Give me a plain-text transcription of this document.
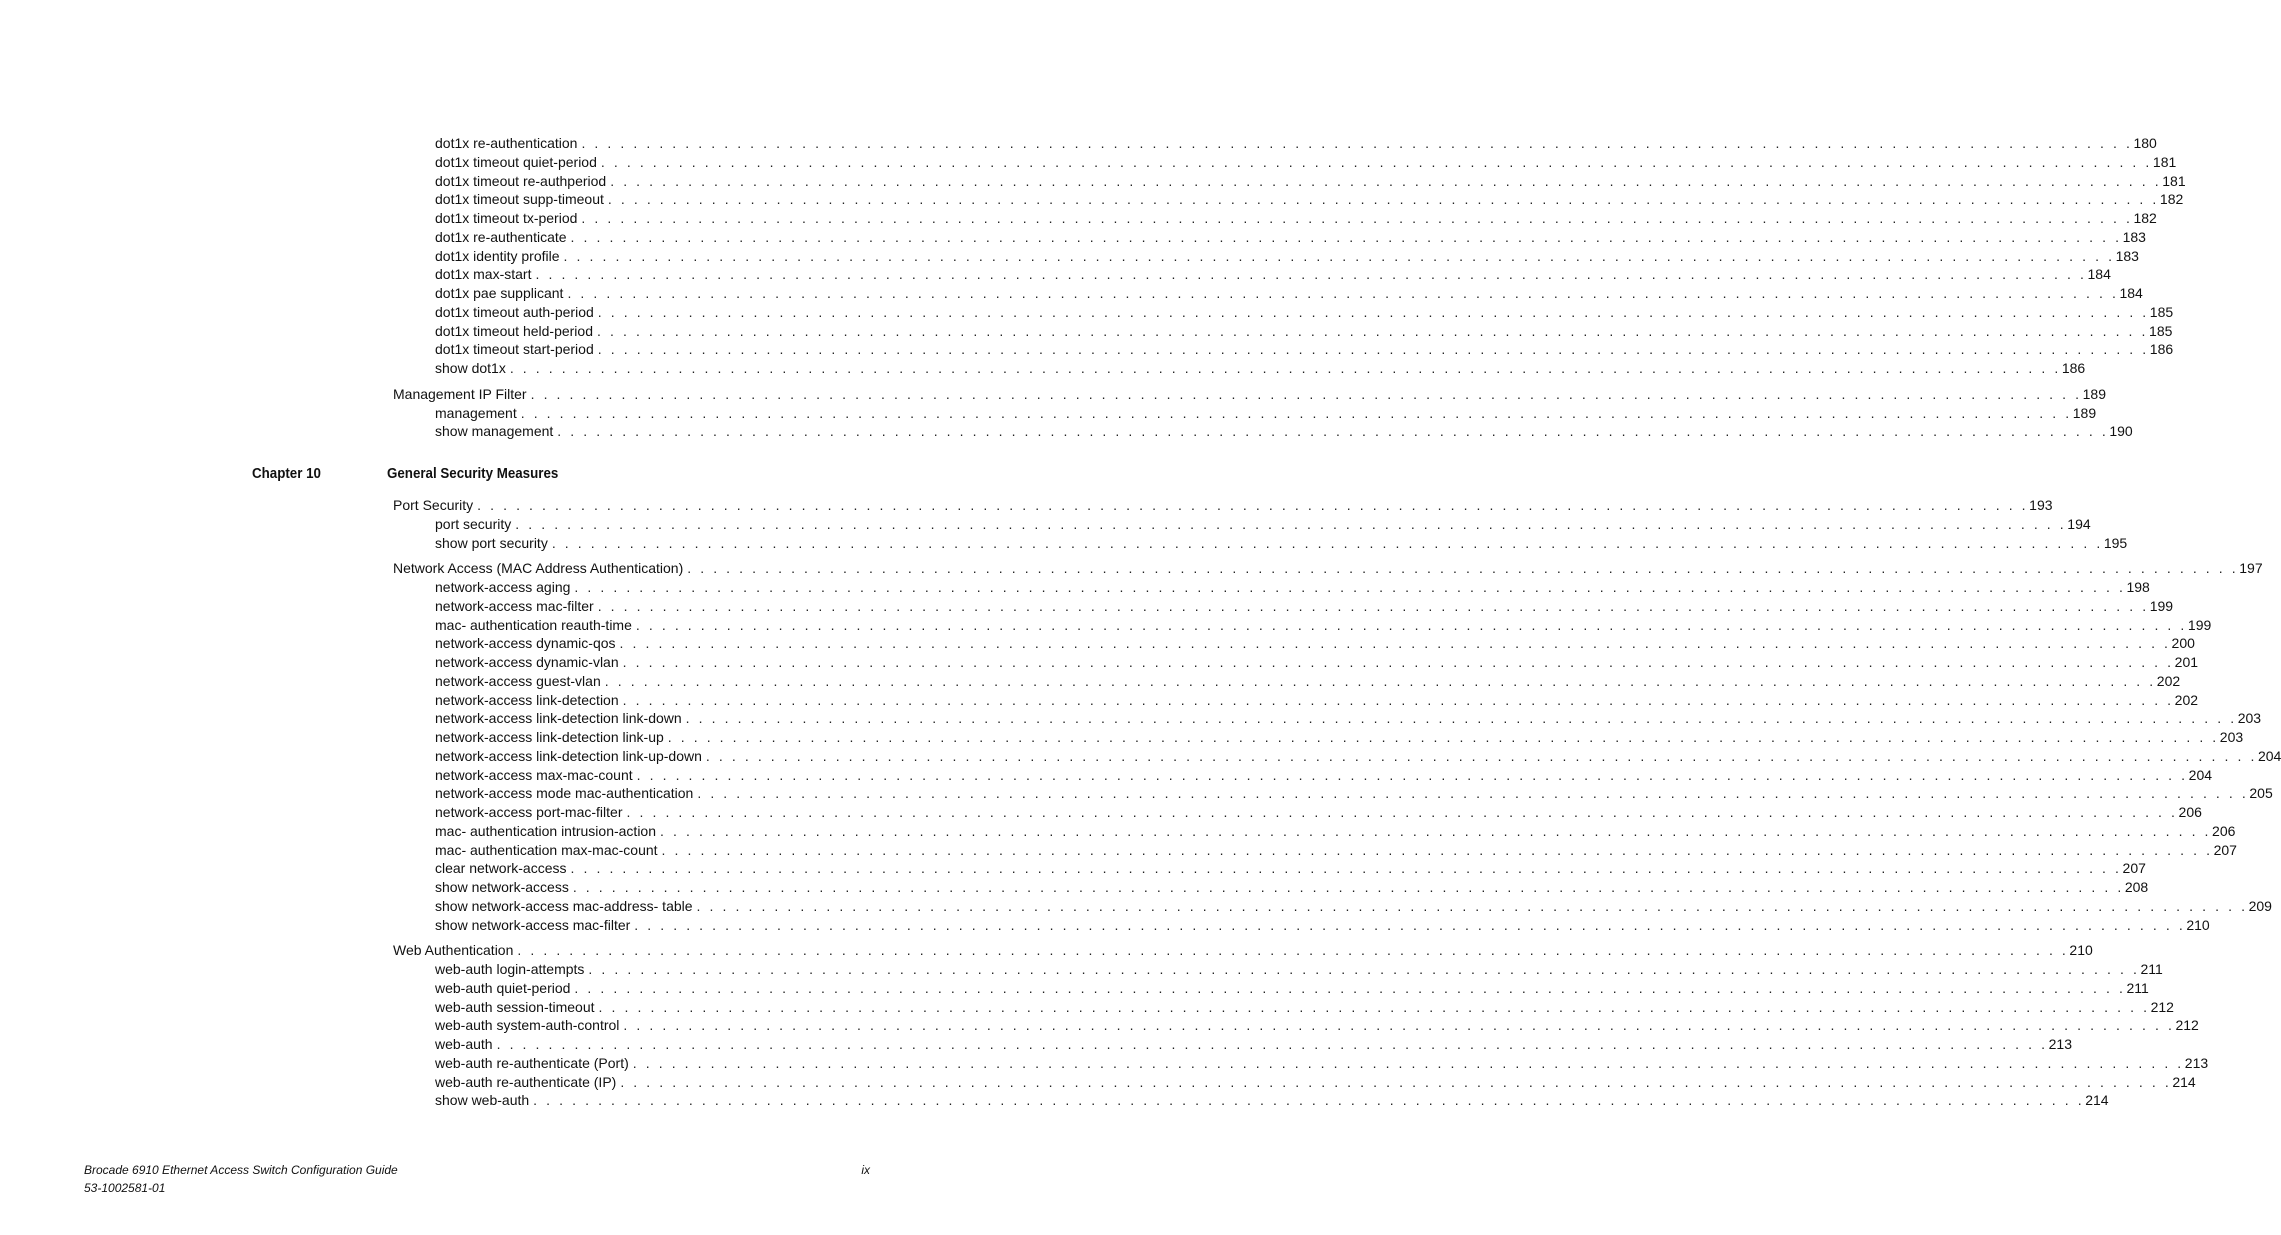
dot1x re-authentication . . . . . . . . . . . . . . . . . . . . . . . . . . . . . . . . . . . . . . . . . . . . . . . . . . . . . . . . . . . . . . . . . . . . . . . . . . . . . . . . . . . . . . . . . . . . . . . . . . . . . . . . . . . . . . . . . . . . . . . . 180
dot1x timeout quiet-period . . . . . . . . . . . . . . . . . . . . . . . . . . . . . . . . . . . . . . . . . . . . . . . . . . . . . . . . . . . . . . . . . . . . . . . . . . . . . . . . . . . . . . . . . . . . . . . . . . . . . . . . . . . . . . . . . . . . . . . . 181
dot1x timeout re-authperiod . . . . . . . . . . . . . . . . . . . . . . . . . . . . . . . . . . . . . . . . . . . . . . . . . . . . . . . . . . . . . . . . . . . . . . . . . . . . . . . . . . . . . . . . . . . . . . . . . . . . . . . . . . . . . . . . . . . . . . . . 181
dot1x timeout supp-timeout . . . . . . . . . . . . . . . . . . . . . . . . . . . . . . . . . . . . . . . . . . . . . . . . . . . . . . . . . . . . . . . . . . . . . . . . . . . . . . . . . . . . . . . . . . . . . . . . . . . . . . . . . . . . . . . . . . . . . . . . 182
dot1x timeout tx-period . . . . . . . . . . . . . . . . . . . . . . . . . . . . . . . . . . . . . . . . . . . . . . . . . . . . . . . . . . . . . . . . . . . . . . . . . . . . . . . . . . . . . . . . . . . . . . . . . . . . . . . . . . . . . . . . . . . . . . . . 182
dot1x re-authenticate . . . . . . . . . . . . . . . . . . . . . . . . . . . . . . . . . . . . . . . . . . . . . . . . . . . . . . . . . . . . . . . . . . . . . . . . . . . . . . . . . . . . . . . . . . . . . . . . . . . . . . . . . . . . . . . . . . . . . . . . 183
dot1x identity profile . . . . . . . . . . . . . . . . . . . . . . . . . . . . . . . . . . . . . . . . . . . . . . . . . . . . . . . . . . . . . . . . . . . . . . . . . . . . . . . . . . . . . . . . . . . . . . . . . . . . . . . . . . . . . . . . . . . . . . . . 183
dot1x max-start . . . . . . . . . . . . . . . . . . . . . . . . . . . . . . . . . . . . . . . . . . . . . . . . . . . . . . . . . . . . . . . . . . . . . . . . . . . . . . . . . . . . . . . . . . . . . . . . . . . . . . . . . . . . . . . . . . . . . . . . 184
dot1x pae supplicant . . . . . . . . . . . . . . . . . . . . . . . . . . . . . . . . . . . . . . . . . . . . . . . . . . . . . . . . . . . . . . . . . . . . . . . . . . . . . . . . . . . . . . . . . . . . . . . . . . . . . . . . . . . . . . . . . . . . . . . . 184
dot1x timeout auth-period . . . . . . . . . . . . . . . . . . . . . . . . . . . . . . . . . . . . . . . . . . . . . . . . . . . . . . . . . . . . . . . . . . . . . . . . . . . . . . . . . . . . . . . . . . . . . . . . . . . . . . . . . . . . . . . . . . . . . . . . 185
dot1x timeout held-period . . . . . . . . . . . . . . . . . . . . . . . . . . . . . . . . . . . . . . . . . . . . . . . . . . . . . . . . . . . . . . . . . . . . . . . . . . . . . . . . . . . . . . . . . . . . . . . . . . . . . . . . . . . . . . . . . . . . . . . . 185
dot1x timeout start-period . . . . . . . . . . . . . . . . . . . . . . . . . . . . . . . . . . . . . . . . . . . . . . . . . . . . . . . . . . . . . . . . . . . . . . . . . . . . . . . . . . . . . . . . . . . . . . . . . . . . . . . . . . . . . . . . . . . . . . . . 186
show dot1x . . . . . . . . . . . . . . . . . . . . . . . . . . . . . . . . . . . . . . . . . . . . . . . . . . . . . . . . . . . . . . . . . . . . . . . . . . . . . . . . . . . . . . . . . . . . . . . . . . . . . . . . . . . . . . . . . . . . . . . . 186
Management IP Filter . . . . . . . . . . . . . . . . . . . . . . . . . . . . . . . . . . . . . . . . . . . . . . . . . . . . . . . . . . . . . . . . . . . . . . . . . . . . . . . . . . . . . . . . . . . . . . . . . . . . . . . . . . . . . . . . . . . . . . . . 189
management . . . . . . . . . . . . . . . . . . . . . . . . . . . . . . . . . . . . . . . . . . . . . . . . . . . . . . . . . . . . . . . . . . . . . . . . . . . . . . . . . . . . . . . . . . . . . . . . . . . . . . . . . . . . . . . . . . . . . . . . 189
show management . . . . . . . . . . . . . . . . . . . . . . . . . . . . . . . . . . . . . . . . . . . . . . . . . . . . . . . . . . . . . . . . . . . . . . . . . . . . . . . . . . . . . . . . . . . . . . . . . . . . . . . . . . . . . . . . . . . . . . . . 190
Port Security . . . . . . . . . . . . . . . . . . . . . . . . . . . . . . . . . . . . . . . . . . . . . . . . . . . . . . . . . . . . . . . . . . . . . . . . . . . . . . . . . . . . . . . . . . . . . . . . . . . . . . . . . . . . . . . . . . . . . . . . 193
port security . . . . . . . . . . . . . . . . . . . . . . . . . . . . . . . . . . . . . . . . . . . . . . . . . . . . . . . . . . . . . . . . . . . . . . . . . . . . . . . . . . . . . . . . . . . . . . . . . . . . . . . . . . . . . . . . . . . . . . . . 194
show port security . . . . . . . . . . . . . . . . . . . . . . . . . . . . . . . . . . . . . . . . . . . . . . . . . . . . . . . . . . . . . . . . . . . . . . . . . . . . . . . . . . . . . . . . . . . . . . . . . . . . . . . . . . . . . . . . . . . . . . . . 195
Network Access (MAC Address Authentication) . . . . . . . . . . . . . . . . . . . . . . . . . . . . . . . . . . . . . . . . . . . . . . . . . . . . . . . . . . . . . . . . . . . . . . . . . . . . . . . . . . . . . . . . . . . . . . . . . . . . . . . . . . . . . . . . . . . . . . . . 197
network-access aging . . . . . . . . . . . . . . . . . . . . . . . . . . . . . . . . . . . . . . . . . . . . . . . . . . . . . . . . . . . . . . . . . . . . . . . . . . . . . . . . . . . . . . . . . . . . . . . . . . . . . . . . . . . . . . . . . . . . . . . . 198
network-access mac-filter . . . . . . . . . . . . . . . . . . . . . . . . . . . . . . . . . . . . . . . . . . . . . . . . . . . . . . . . . . . . . . . . . . . . . . . . . . . . . . . . . . . . . . . . . . . . . . . . . . . . . . . . . . . . . . . . . . . . . . . . 199
mac- authentication reauth-time . . . . . . . . . . . . . . . . . . . . . . . . . . . . . . . . . . . . . . . . . . . . . . . . . . . . . . . . . . . . . . . . . . . . . . . . . . . . . . . . . . . . . . . . . . . . . . . . . . . . . . . . . . . . . . . . . . . . . . . . 199
network-access dynamic-qos . . . . . . . . . . . . . . . . . . . . . . . . . . . . . . . . . . . . . . . . . . . . . . . . . . . . . . . . . . . . . . . . . . . . . . . . . . . . . . . . . . . . . . . . . . . . . . . . . . . . . . . . . . . . . . . . . . . . . . . . 200
network-access dynamic-vlan . . . . . . . . . . . . . . . . . . . . . . . . . . . . . . . . . . . . . . . . . . . . . . . . . . . . . . . . . . . . . . . . . . . . . . . . . . . . . . . . . . . . . . . . . . . . . . . . . . . . . . . . . . . . . . . . . . . . . . . . 201
network-access guest-vlan . . . . . . . . . . . . . . . . . . . . . . . . . . . . . . . . . . . . . . . . . . . . . . . . . . . . . . . . . . . . . . . . . . . . . . . . . . . . . . . . . . . . . . . . . . . . . . . . . . . . . . . . . . . . . . . . . . . . . . . . 202
network-access link-detection . . . . . . . . . . . . . . . . . . . . . . . . . . . . . . . . . . . . . . . . . . . . . . . . . . . . . . . . . . . . . . . . . . . . . . . . . . . . . . . . . . . . . . . . . . . . . . . . . . . . . . . . . . . . . . . . . . . . . . . . 202
network-access link-detection link-down . . . . . . . . . . . . . . . . . . . . . . . . . . . . . . . . . . . . . . . . . . . . . . . . . . . . . . . . . . . . . . . . . . . . . . . . . . . . . . . . . . . . . . . . . . . . . . . . . . . . . . . . . . . . . . . . . . . . . . . . 203
network-access link-detection link-up . . . . . . . . . . . . . . . . . . . . . . . . . . . . . . . . . . . . . . . . . . . . . . . . . . . . . . . . . . . . . . . . . . . . . . . . . . . . . . . . . . . . . . . . . . . . . . . . . . . . . . . . . . . . . . . . . . . . . . . . 203
network-access link-detection link-up-down . . . . . . . . . . . . . . . . . . . . . . . . . . . . . . . . . . . . . . . . . . . . . . . . . . . . . . . . . . . . . . . . . . . . . . . . . . . . . . . . . . . . . . . . . . . . . . . . . . . . . . . . . . . . . . . . . . . . . . . . 204
network-access max-mac-count . . . . . . . . . . . . . . . . . . . . . . . . . . . . . . . . . . . . . . . . . . . . . . . . . . . . . . . . . . . . . . . . . . . . . . . . . . . . . . . . . . . . . . . . . . . . . . . . . . . . . . . . . . . . . . . . . . . . . . . . 204
network-access mode mac-authentication . . . . . . . . . . . . . . . . . . . . . . . . . . . . . . . . . . . . . . . . . . . . . . . . . . . . . . . . . . . . . . . . . . . . . . . . . . . . . . . . . . . . . . . . . . . . . . . . . . . . . . . . . . . . . . . . . . . . . . . . 205
network-access port-mac-filter . . . . . . . . . . . . . . . . . . . . . . . . . . . . . . . . . . . . . . . . . . . . . . . . . . . . . . . . . . . . . . . . . . . . . . . . . . . . . . . . . . . . . . . . . . . . . . . . . . . . . . . . . . . . . . . . . . . . . . . . 206
mac- authentication intrusion-action . . . . . . . . . . . . . . . . . . . . . . . . . . . . . . . . . . . . . . . . . . . . . . . . . . . . . . . . . . . . . . . . . . . . . . . . . . . . . . . . . . . . . . . . . . . . . . . . . . . . . . . . . . . . . . . . . . . . . . . . 206
mac- authentication max-mac-count . . . . . . . . . . . . . . . . . . . . . . . . . . . . . . . . . . . . . . . . . . . . . . . . . . . . . . . . . . . . . . . . . . . . . . . . . . . . . . . . . . . . . . . . . . . . . . . . . . . . . . . . . . . . . . . . . . . . . . . . 207
clear network-access . . . . . . . . . . . . . . . . . . . . . . . . . . . . . . . . . . . . . . . . . . . . . . . . . . . . . . . . . . . . . . . . . . . . . . . . . . . . . . . . . . . . . . . . . . . . . . . . . . . . . . . . . . . . . . . . . . . . . . . . 207
show network-access . . . . . . . . . . . . . . . . . . . . . . . . . . . . . . . . . . . . . . . . . . . . . . . . . . . . . . . . . . . . . . . . . . . . . . . . . . . . . . . . . . . . . . . . . . . . . . . . . . . . . . . . . . . . . . . . . . . . . . . . 208
show network-access mac-address- table . . . . . . . . . . . . . . . . . . . . . . . . . . . . . . . . . . . . . . . . . . . . . . . . . . . . . . . . . . . . . . . . . . . . . . . . . . . . . . . . . . . . . . . . . . . . . . . . . . . . . . . . . . . . . . . . . . . . . . . . 209
show network-access mac-filter . . . . . . . . . . . . . . . . . . . . . . . . . . . . . . . . . . . . . . . . . . . . . . . . . . . . . . . . . . . . . . . . . . . . . . . . . . . . . . . . . . . . . . . . . . . . . . . . . . . . . . . . . . . . . . . . . . . . . . . . 210
Web Authentication . . . . . . . . . . . . . . . . . . . . . . . . . . . . . . . . . . . . . . . . . . . . . . . . . . . . . . . . . . . . . . . . . . . . . . . . . . . . . . . . . . . . . . . . . . . . . . . . . . . . . . . . . . . . . . . . . . . . . . . . 210
web-auth login-attempts . . . . . . . . . . . . . . . . . . . . . . . . . . . . . . . . . . . . . . . . . . . . . . . . . . . . . . . . . . . . . . . . . . . . . . . . . . . . . . . . . . . . . . . . . . . . . . . . . . . . . . . . . . . . . . . . . . . . . . . . 211
web-auth quiet-period . . . . . . . . . . . . . . . . . . . . . . . . . . . . . . . . . . . . . . . . . . . . . . . . . . . . . . . . . . . . . . . . . . . . . . . . . . . . . . . . . . . . . . . . . . . . . . . . . . . . . . . . . . . . . . . . . . . . . . . . 211
web-auth session-timeout . . . . . . . . . . . . . . . . . . . . . . . . . . . . . . . . . . . . . . . . . . . . . . . . . . . . . . . . . . . . . . . . . . . . . . . . . . . . . . . . . . . . . . . . . . . . . . . . . . . . . . . . . . . . . . . . . . . . . . . . 212
web-auth system-auth-control . . . . . . . . . . . . . . . . . . . . . . . . . . . . . . . . . . . . . . . . . . . . . . . . . . . . . . . . . . . . . . . . . . . . . . . . . . . . . . . . . . . . . . . . . . . . . . . . . . . . . . . . . . . . . . . . . . . . . . . . 212
web-auth . . . . . . . . . . . . . . . . . . . . . . . . . . . . . . . . . . . . . . . . . . . . . . . . . . . . . . . . . . . . . . . . . . . . . . . . . . . . . . . . . . . . . . . . . . . . . . . . . . . . . . . . . . . . . . . . . . . . . . . . 213
web-auth re-authenticate (Port) . . . . . . . . . . . . . . . . . . . . . . . . . . . . . . . . . . . . . . . . . . . . . . . . . . . . . . . . . . . . . . . . . . . . . . . . . . . . . . . . . . . . . . . . . . . . . . . . . . . . . . . . . . . . . . . . . . . . . . . . 213
web-auth re-authenticate (IP) . . . . . . . . . . . . . . . . . . . . . . . . . . . . . . . . . . . . . . . . . . . . . . . . . . . . . . . . . . . . . . . . . . . . . . . . . . . . . . . . . . . . . . . . . . . . . . . . . . . . . . . . . . . . . . . . . . . . . . . . 214
show web-auth . . . . . . . . . . . . . . . . . . . . . . . . . . . . . . . . . . . . . . . . . . . . . . . . . . . . . . . . . . . . . . . . . . . . . . . . . . . . . . . . . . . . . . . . . . . . . . . . . . . . . . . . . . . . . . . . . . . . . . . . 214
Chapter 10	General Security Measures
Brocade 6910 Ethernet Access Switch Configuration Guide
53-1002581-01
ix
